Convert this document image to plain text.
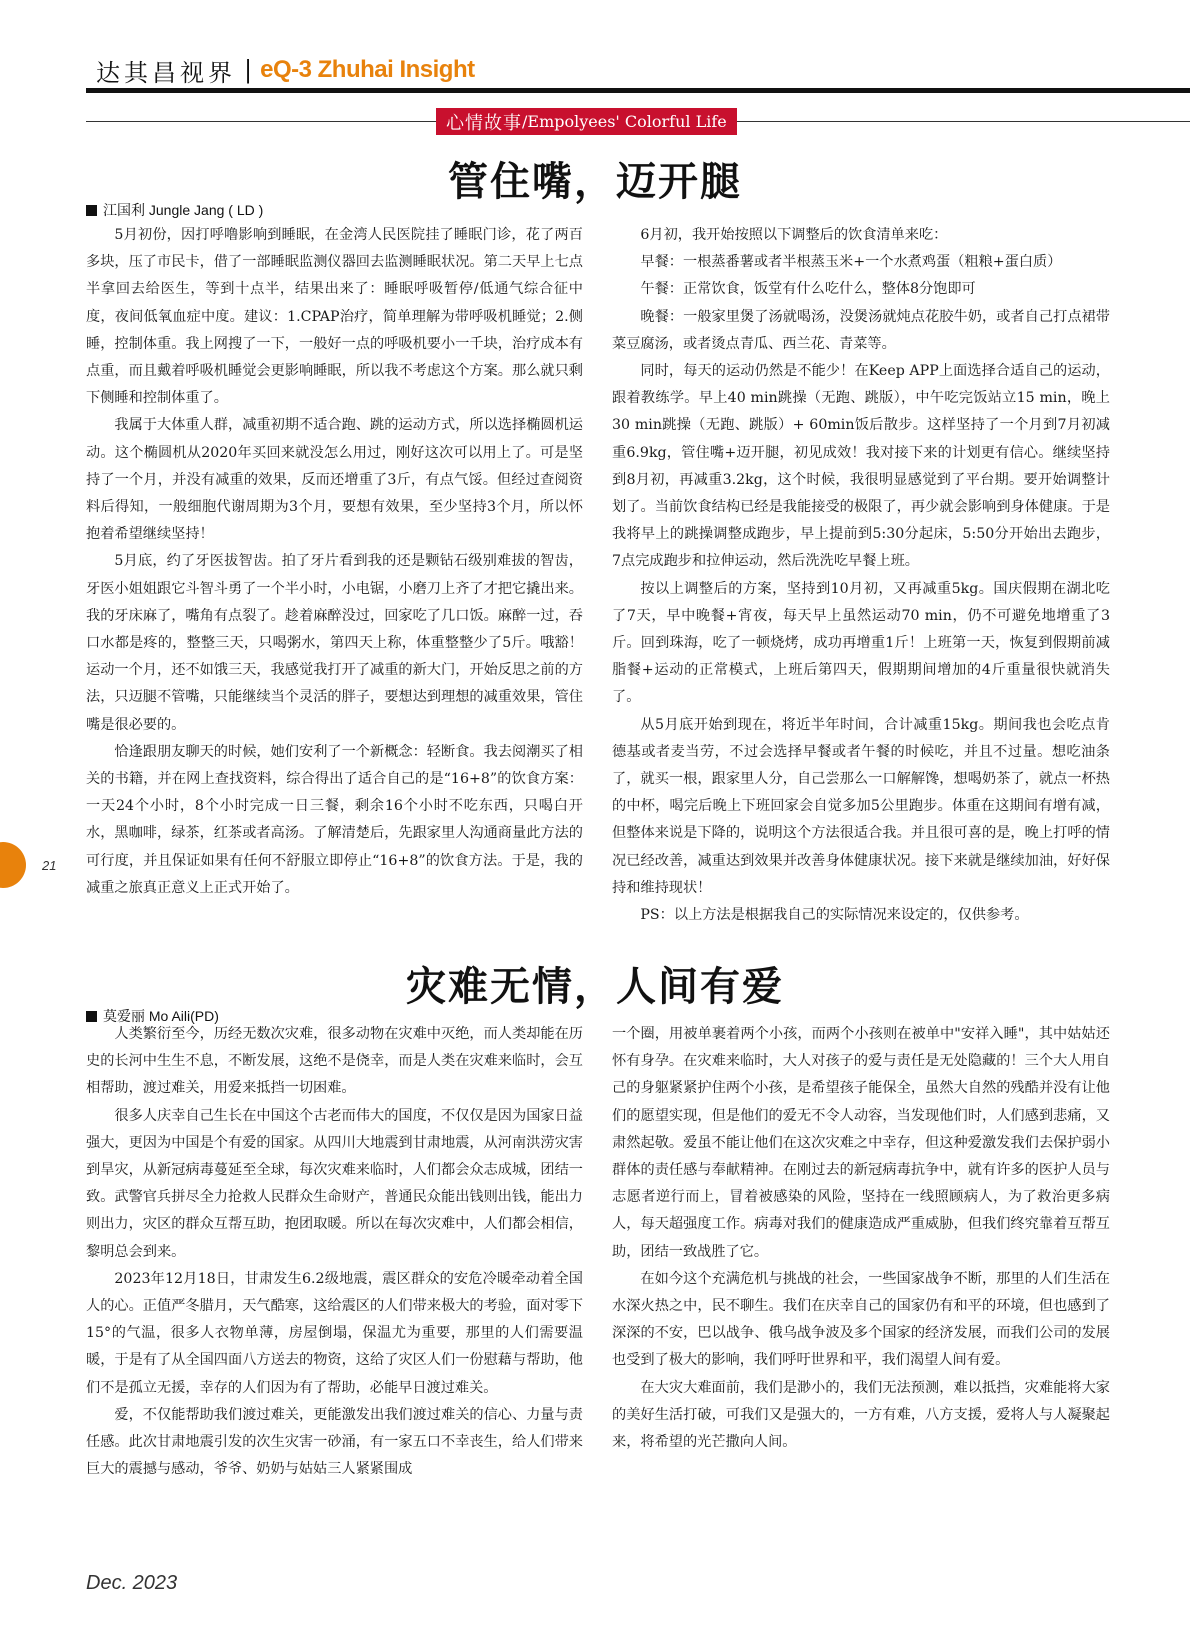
达其昌视界 | eQ-3 Zhuhai Insight
心情故事 /Empolyees' Colorful Life
管住嘴，迈开腿
江国利 Jungle Jang ( LD )

5月初份，因打呼噜影响到睡眠，在金湾人民医院挂了睡眠门诊，花了两百多块，压了市民卡，借了一部睡眠监测仪器回去监测睡眠状况。第二天早上七点半拿回去给医生，等到十点半，结果出来了：睡眠呼吸暂停/低通气综合征中度，夜间低氧血症中度。建议：1.CPAP治疗，简单理解为带呼吸机睡觉；2.侧睡，控制体重。我上网搜了一下，一般好一点的呼吸机要小一千块，治疗成本有点重，而且戴着呼吸机睡觉会更影响睡眠，所以我不考虑这个方案。那么就只剩下侧睡和控制体重了。

我属于大体重人群，减重初期不适合跑、跳的运动方式，所以选择椭圆机运动。这个椭圆机从2020年买回来就没怎么用过，刚好这次可以用上了。可是坚持了一个月，并没有减重的效果，反而还增重了3斤，有点气馁。但经过查阅资料后得知，一般细胞代谢周期为3个月，要想有效果，至少坚持3个月，所以怀抱着希望继续坚持！

5月底，约了牙医拔智齿。拍了牙片看到我的还是颗钻石级别难拔的智齿，牙医小姐姐跟它斗智斗勇了一个半小时，小电锯，小磨刀上齐了才把它撬出来。我的牙床麻了，嘴角有点裂了。趁着麻醉没过，回家吃了几口饭。麻醉一过，吞口水都是疼的，整整三天，只喝粥水，第四天上称，体重整整少了5斤。哦豁！运动一个月，还不如饿三天，我感觉我打开了减重的新大门，开始反思之前的方法，只迈腿不管嘴，只能继续当个灵活的胖子，要想达到理想的减重效果，管住嘴是很必要的。

恰逢跟朋友聊天的时候，她们安利了一个新概念：轻断食。我去阅潮买了相关的书籍，并在网上查找资料，综合得出了适合自己的是“16+8”的饮食方案：一天24个小时，8个小时完成一日三餐，剩余16个小时不吃东西，只喝白开水，黑咖啡，绿茶，红茶或者高汤。了解清楚后，先跟家里人沟通商量此方法的可行度，并且保证如果有任何不舒服立即停止“16+8”的饮食方法。于是，我的减重之旅真正意义上正式开始了。

6月初，我开始按照以下调整后的饮食清单来吃：

早餐：一根蒸番薯或者半根蒸玉米+一个水煮鸡蛋（粗粮+蛋白质）

午餐：正常饮食，饭堂有什么吃什么，整体8分饱即可

晚餐：一般家里煲了汤就喝汤，没煲汤就炖点花胶牛奶，或者自己打点裙带菜豆腐汤，或者烫点青瓜、西兰花、青菜等。

同时，每天的运动仍然是不能少！在Keep APP上面选择合适自己的运动，跟着教练学。早上40 min跳操（无跑、跳版），中午吃完饭站立15 min，晚上30 min跳操（无跑、跳版）+ 60min饭后散步。这样坚持了一个月到7月初减重6.9kg，管住嘴+迈开腿，初见成效！我对接下来的计划更有信心。继续坚持到8月初，再减重3.2kg，这个时候，我很明显感觉到了平台期。要开始调整计划了。当前饮食结构已经是我能接受的极限了，再少就会影响到身体健康。于是我将早上的跳操调整成跑步，早上提前到5:30分起床，5:50分开始出去跑步，7点完成跑步和拉伸运动，然后洗洗吃早餐上班。

按以上调整后的方案，坚持到10月初，又再减重5kg。国庆假期在湖北吃了7天，早中晚餐+宵夜，每天早上虽然运动70 min，仍不可避免地增重了3斤。回到珠海，吃了一顿烧烤，成功再增重1斤！上班第一天，恢复到假期前减脂餐+运动的正常模式，上班后第四天，假期期间增加的4斤重量很快就消失了。

从5月底开始到现在，将近半年时间，合计减重15kg。期间我也会吃点肯德基或者麦当劳，不过会选择早餐或者午餐的时候吃，并且不过量。想吃油条了，就买一根，跟家里人分，自己尝那么一口解解馋，想喝奶茶了，就点一杯热的中杯，喝完后晚上下班回家会自觉多加5公里跑步。体重在这期间有增有减，但整体来说是下降的，说明这个方法很适合我。并且很可喜的是，晚上打呼的情况已经改善，减重达到效果并改善身体健康状况。接下来就是继续加油，好好保持和维持现状！

PS：以上方法是根据我自己的实际情况来设定的，仅供参考。

灾难无情，人间有爱
莫爱丽 Mo Aili(PD)

人类繁衍至今，历经无数次灾难，很多动物在灾难中灭绝，而人类却能在历史的长河中生生不息，不断发展，这绝不是侥幸，而是人类在灾难来临时，会互相帮助，渡过难关，用爱来抵挡一切困难。

很多人庆幸自己生长在中国这个古老而伟大的国度，不仅仅是因为国家日益强大，更因为中国是个有爱的国家。从四川大地震到甘肃地震，从河南洪涝灾害到旱灾，从新冠病毒蔓延至全球，每次灾难来临时，人们都会众志成城，团结一致。武警官兵拼尽全力抢救人民群众生命财产，普通民众能出钱则出钱，能出力则出力，灾区的群众互帮互助，抱团取暖。所以在每次灾难中，人们都会相信，黎明总会到来。

2023年12月18日，甘肃发生6.2级地震，震区群众的安危冷暖牵动着全国人的心。正值严冬腊月，天气酷寒，这给震区的人们带来极大的考验，面对零下15°的气温，很多人衣物单薄，房屋倒塌，保温尤为重要，那里的人们需要温暖，于是有了从全国四面八方送去的物资，这给了灾区人们一份慰藉与帮助，他们不是孤立无援，幸存的人们因为有了帮助，必能早日渡过难关。

爱，不仅能帮助我们渡过难关，更能激发出我们渡过难关的信心、力量与责任感。此次甘肃地震引发的次生灾害一砂涌，有一家五口不幸丧生，给人们带来巨大的震撼与感动，爷爷、奶奶与姑姑三人紧紧围成

一个圈，用被单裹着两个小孩，而两个小孩则在被单中"安祥入睡"，其中姑姑还怀有身孕。在灾难来临时，大人对孩子的爱与责任是无处隐藏的！三个大人用自己的身躯紧紧护住两个小孩，是希望孩子能保全，虽然大自然的残酷并没有让他们的愿望实现，但是他们的爱无不令人动容，当发现他们时，人们感到悲痛，又肃然起敬。爱虽不能让他们在这次灾难之中幸存，但这种爱激发我们去保护弱小群体的责任感与奉献精神。在刚过去的新冠病毒抗争中，就有许多的医护人员与志愿者逆行而上，冒着被感染的风险，坚持在一线照顾病人，为了救治更多病人，每天超强度工作。病毒对我们的健康造成严重威胁，但我们终究靠着互帮互助，团结一致战胜了它。

在如今这个充满危机与挑战的社会，一些国家战争不断，那里的人们生活在水深火热之中，民不聊生。我们在庆幸自己的国家仍有和平的环境，但也感到了深深的不安，巴以战争、俄乌战争波及多个国家的经济发展，而我们公司的发展也受到了极大的影响，我们呼吁世界和平，我们渴望人间有爱。

在大灾大难面前，我们是渺小的，我们无法预测，难以抵挡，灾难能将大家的美好生活打破，可我们又是强大的，一方有难，八方支援，爱将人与人凝聚起来，将希望的光芒撒向人间。

21
Dec. 2023
